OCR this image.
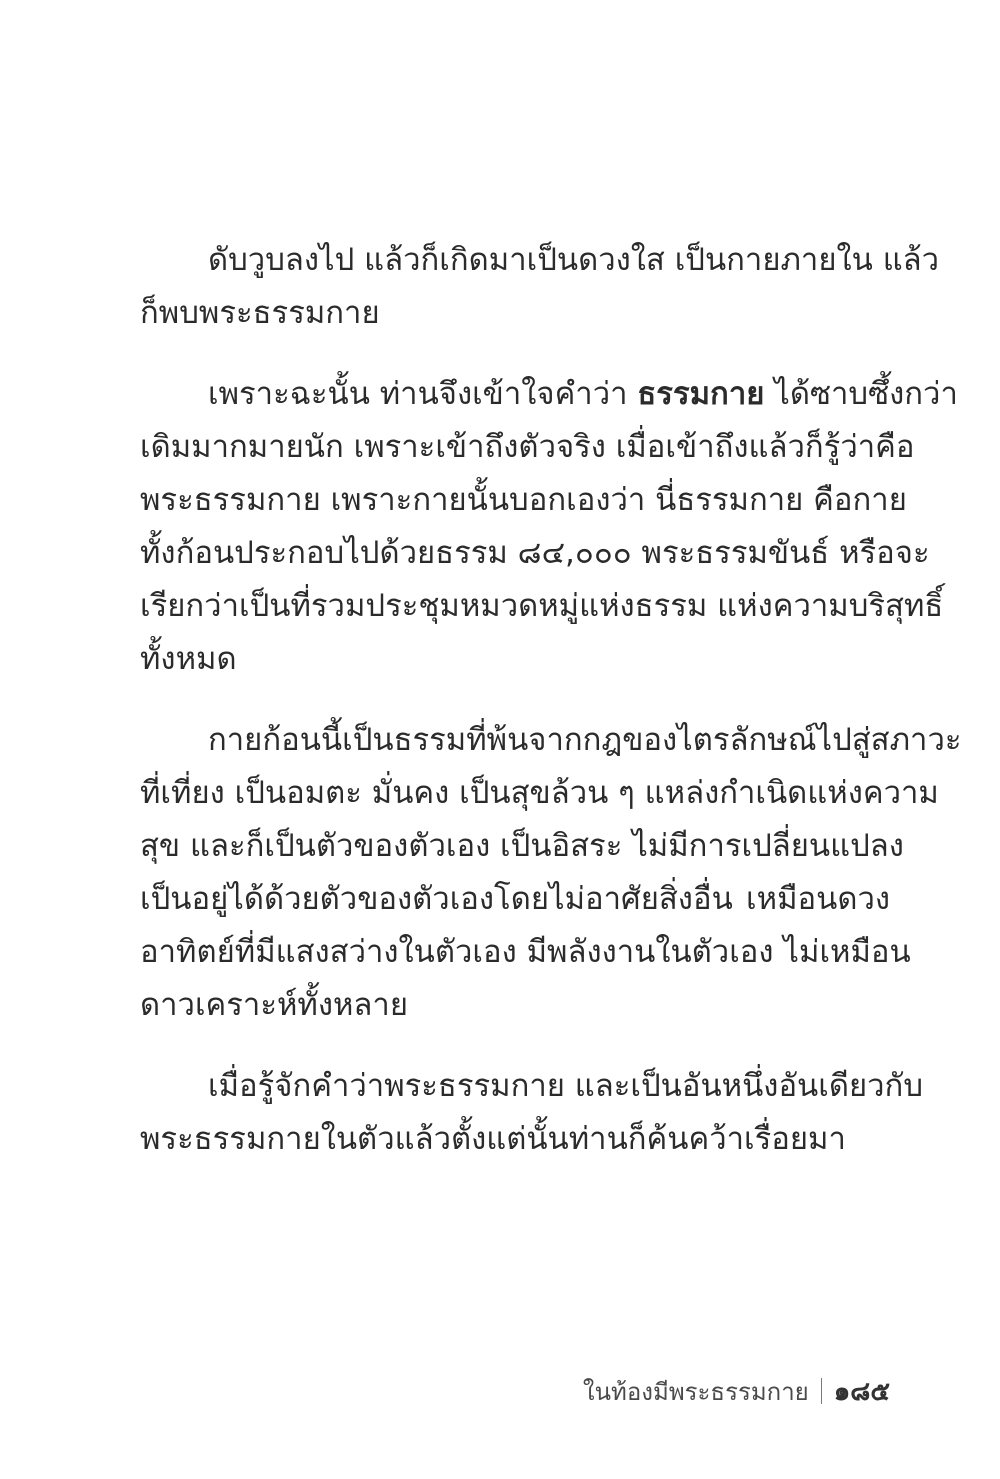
ดับวูบลงไป แล้วก็เกิดมาเป็นดวงใส เป็นกายภายใน แล้ว
ก็พบพระธรรมกาย
เพราะฉะนั้น ท่านจึงเข้าใจคำว่า ธรรมกาย ได้ซาบซึ้งกว่า
เดิมมากมายนัก เพราะเข้าถึงตัวจริง เมื่อเข้าถึงแล้วก็รู้ว่าคือ
พระธรรมกาย เพราะกายนั้นบอกเองว่า นี่ธรรมกาย คือกาย
ทั้งก้อนประกอบไปด้วยธรรม ๘๔,๐๐๐ พระธรรมขันธ์ หรือจะ
เรียกว่าเป็นที่รวมประชุมหมวดหมู่แห่งธรรม แห่งความบริสุทธิ์
ทั้งหมด
กายก้อนนี้เป็นธรรมที่พ้นจากกฎของไตรลักษณ์ไปสู่สภาวะ
ที่เที่ยง เป็นอมตะ มั่นคง เป็นสุขล้วน ๆ แหล่งกำเนิดแห่งความ
สุข และก็เป็นตัวของตัวเอง เป็นอิสระ ไม่มีการเปลี่ยนแปลง
เป็นอยู่ได้ด้วยตัวของตัวเองโดยไม่อาศัยสิ่งอื่น เหมือนดวง
อาทิตย์ที่มีแสงสว่างในตัวเอง มีพลังงานในตัวเอง ไม่เหมือน
ดาวเคราะห์ทั้งหลาย
เมื่อรู้จักคำว่าพระธรรมกาย และเป็นอันหนึ่งอันเดียวกับ
พระธรรมกายในตัวแล้วตั้งแต่นั้นท่านก็ค้นคว้าเรื่อยมา
ในท้องมีพระธรรมกาย ๑๘๕
